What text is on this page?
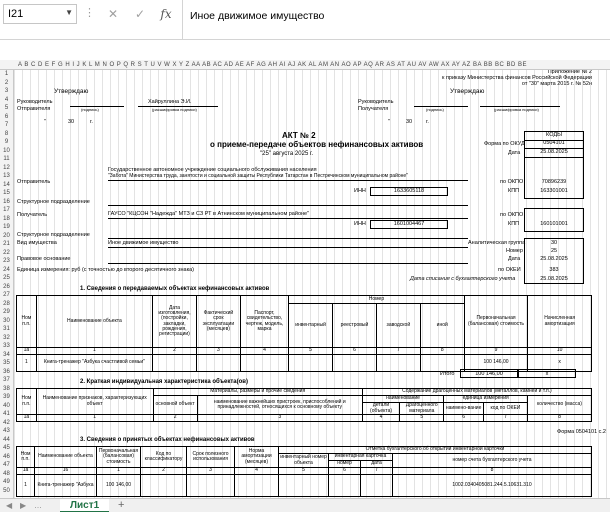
I21	▼ ⋮	✕	✓	fx	Иное движимое имущество
A B C D E F G H I J K L M N O P Q R S T U V W X Y Z AA AB AC AD AE AF AG AH AI AJ AK AL AM AN AO AP AQ AR AS AT AU AV AW AX AY AZ BA BB BC BD BE
1
2
3
4
5
6
7
8
9
10
11
12
13
14
15
16
17
18
19
20
21
22
23
24
25
26
27
28
29
30
31
32
33
34
35
36
37
38
39
40
41
42
43
44
45
46
47
48
49
50
Приложение № 2
к приказу Министерства финансов Российской Федерации
от "30" марта 2015 г. № 52н
Утверждаю	Утверждаю
Руководитель
Отправителя	(подпись)
Хайруллина Э.И.
(расшифровка подписи)
Руководитель
Получателя	(подпись)	(расшифровка подписи)
"	30	г.	"	30	г.
АКТ № 2
о приеме-передаче объектов нефинансовых активов
"25" августа 2025 г.
КОДЫ
0504101
25.08.2025
Форма по ОКУД
Дата
Государственное автономное учреждение социального обслуживания населения
"Забота" Министерства труда, занятости и социальной защиты Республики Татарстан в Пестречинском муниципальном районе"
Отправитель	по ОКПО	70896239
ИНН	1633605118	КПП	163301001
Структурное подразделение
Получатель	ГАУСО "КЦСОН "Надежда" МТЗ и СЗ РТ в Атнинском муниципальном районе"	по ОКПО
ИНН	1601004467	КПП	160101001
Структурное подразделение
Вид имущества	Иное движимое имущество	Аналитическая группа	30
Номер	25
Правовое основание	Дата	25.08.2025
Единица измерения: руб (с точностью до второго десятичного знака)	по ОКЕИ	383
Дата списания с бухгалтерского учета	25.08.2025
1. Сведения о передаваемых объектах нефинансовых активов
Ном п.п.	Наименование объекта	Дата изготовления, (постройки, закладки, рождения, регистрации)	Фактический срок эксплуатации (месяцев)	Паспорт, свидетельство, чертеж, модель, марка	Номер				Первоначальная (балансовая) стоимость	Начисленная амортизация
					инвентарный	реестровый	заводской	иной		
1а	1	2	3	4	5	6	7	8	9	10
1	Книга-тренажер "Азбука счастливой семьи"								100 146,00	х
Итого	100 146,00	х
2. Краткая индивидуальная характеристика объекта(ов)
Ном п.п.	Наименование признаков, характеризующих объект	Материалы, размеры и прочие сведения		Содержание драгоценных материалов (металлов, камней и т.п.)				
		основной объект	наименование важнейших пристроек, приспособлений и принадлежностей, относящихся к основному объекту	наименование		единица измерения		количество (масса)
				детали (объекта)	Драгоценного материала	наимено-вание	код по ОКЕИ	
1а	1	2	3	4	5	6	7	8
Форма 0504101 с.2
3. Сведения о принятых объектах нефинансовых активов
Ном п.п.	Наименование объекта	Первоначальная (балансовая) стоимость	Код по классификатору	Срок полезного использования	Норма амортизации (месяцев)	Отметка бухгалтерского об открытии инвентарной карточки			
						инвентарный номер объекта	инвентарная карточка		номер счета бухгалтерского учета
							номер	дата	
1а	16	1	2	3	4	5	6	7	8
1	Книга-тренажер "Азбука	100 146,00							1002.0340405081.244.5.10631.310
◀ ▶ …	Лист1	+
